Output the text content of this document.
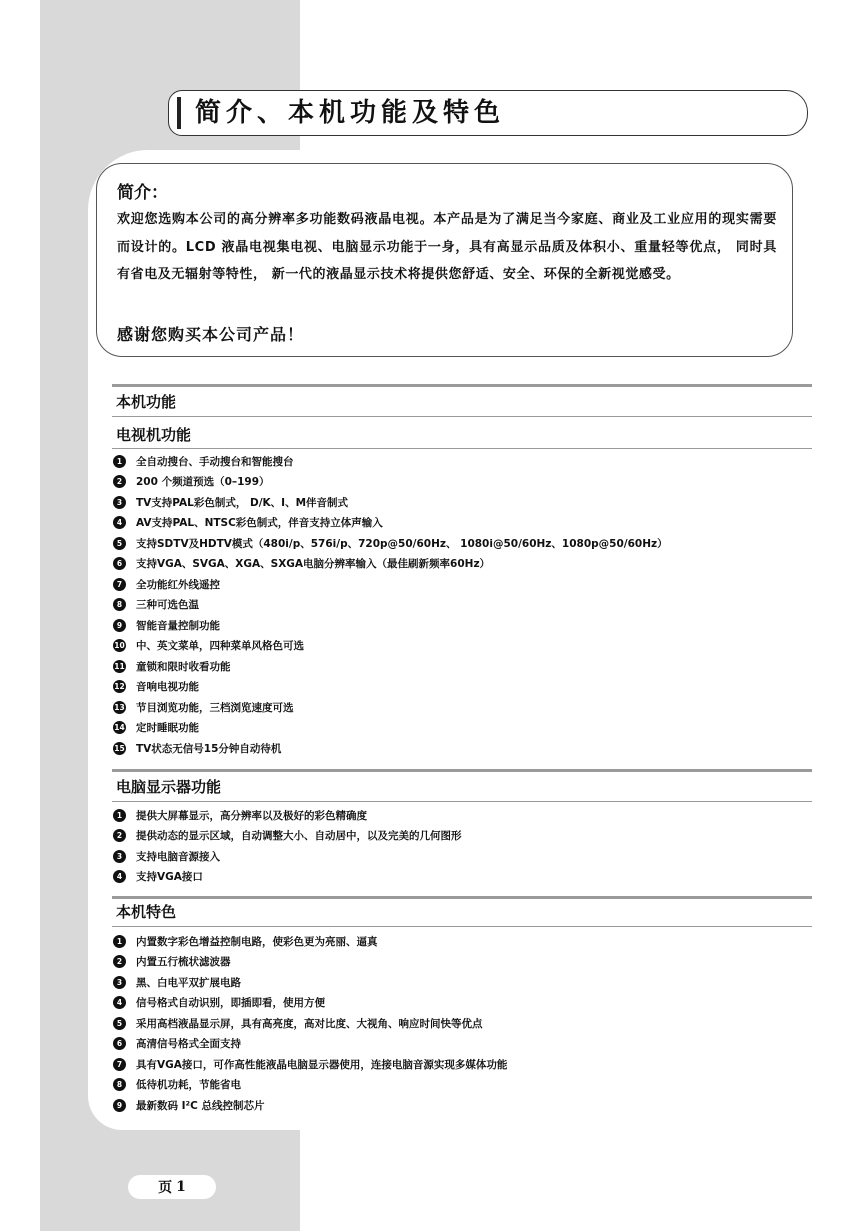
简介、本机功能及特色
简介：
欢迎您选购本公司的高分辨率多功能数码液晶电视。本产品是为了满足当今家庭、商业及工业应用的现实需要而设计的。LCD 液晶电视集电视、电脑显示功能于一身，具有高显示品质及体积小、重量轻等优点， 同时具有省电及无辐射等特性， 新一代的液晶显示技术将提供您舒适、安全、环保的全新视觉感受。
感谢您购买本公司产品！
本机功能
电视机功能
1	全自动搜台、手动搜台和智能搜台
2	200 个频道预选（0–199）
3	TV支持PAL彩色制式， D/K、I、M伴音制式
4	AV支持PAL、NTSC彩色制式，伴音支持立体声输入
5	支持SDTV及HDTV模式（480i/p、576i/p、720p@50/60Hz、 1080i@50/60Hz、1080p@50/60Hz）
6	支持VGA、SVGA、XGA、SXGA电脑分辨率输入（最佳刷新频率60Hz）
7	全功能红外线遥控
8	三种可选色温
9	智能音量控制功能
10 中、英文菜单，四种菜单风格色可选
11 童锁和限时收看功能
12 音响电视功能
13 节目浏览功能，三档浏览速度可选
14 定时睡眠功能
15 TV状态无信号15分钟自动待机
电脑显示器功能
1	提供大屏幕显示，高分辨率以及极好的彩色精确度
2	提供动态的显示区域，自动调整大小、自动居中，以及完美的几何图形
3	支持电脑音源接入
4	支持VGA接口
本机特色
1	内置数字彩色增益控制电路，使彩色更为亮丽、逼真
2	内置五行梳状滤波器
3	黑、白电平双扩展电路
4	信号格式自动识别，即插即看，使用方便
5	采用高档液晶显示屏，具有高亮度，高对比度、大视角、响应时间快等优点
6	高清信号格式全面支持
7	具有VGA接口，可作高性能液晶电脑显示器使用，连接电脑音源实现多媒体功能
8	低待机功耗，节能省电
9	最新数码 I²C 总线控制芯片
页 1
